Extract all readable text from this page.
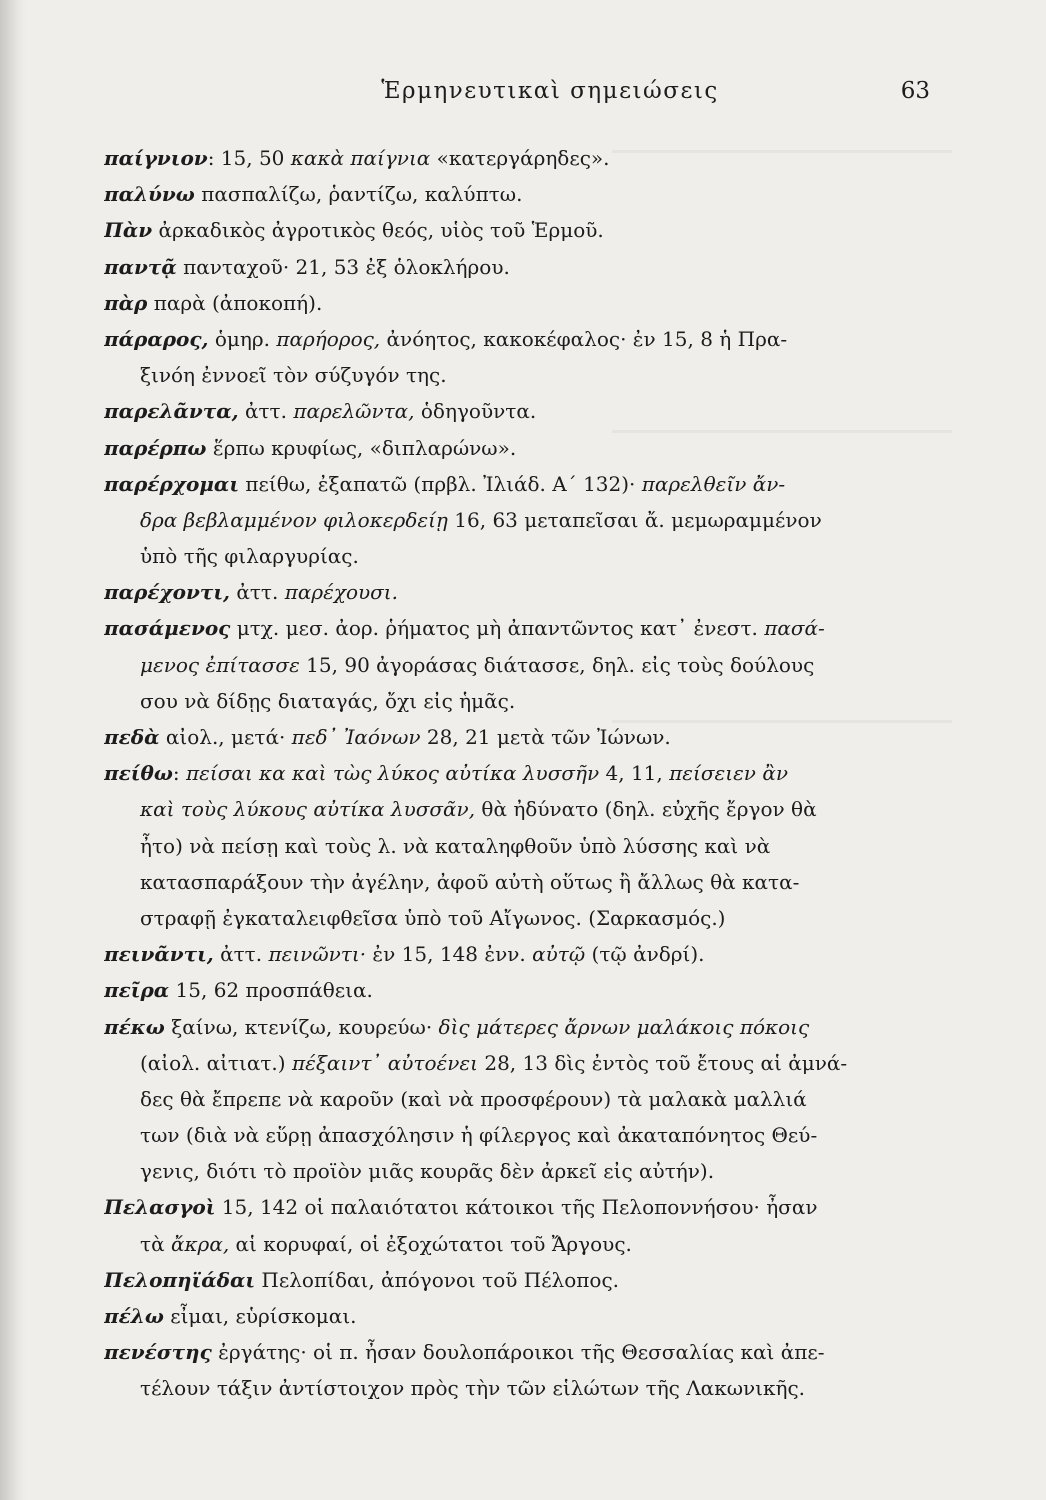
Ἑρμηνευτικαὶ σημειώσεις	63
παίγνιον: 15, 50 κακὰ παίγνια «κατεργάρηδες».
παλύνω πασπαλίζω, ῥαντίζω, καλύπτω.
Πὰν ἀρκαδικὸς ἀγροτικὸς θεός, υἱὸς τοῦ Ἑρμοῦ.
παντᾷ πανταχοῦ· 21, 53 ἐξ ὁλοκλήρου.
πὰρ παρὰ (ἀποκοπή).
πάραρος, ὁμηρ. παρήορος, ἀνόητος, κακοκέφαλος· ἐν 15, 8 ἡ Πρα-
ξινόη ἐννοεῖ τὸν σύζυγόν της.
παρελᾶντα, ἀττ. παρελῶντα, ὁδηγοῦντα.
παρέρπω ἕρπω κρυφίως, «διπλαρώνω».
παρέρχομαι πείθω, ἐξαπατῶ (πρβλ. Ἰλιάδ. Α΄ 132)· παρελθεῖν ἄν-
δρα βεβλαμμένον φιλοκερδείῃ 16, 63 μεταπεῖσαι ἄ. μεμωραμμένον
ὑπὸ τῆς φιλαργυρίας.
παρέχοντι, ἀττ. παρέχουσι.
πασάμενος μτχ. μεσ. ἀορ. ῥήματος μὴ ἀπαντῶντος κατ᾽ ἐνεστ. πασά-
μενος ἐπίτασσε 15, 90 ἀγοράσας διάτασσε, δηλ. εἰς τοὺς δούλους
σου νὰ δίδῃς διαταγάς, ὄχι εἰς ἡμᾶς.
πεδὰ αἰολ., μετά· πεδ᾽ Ἰαόνων 28, 21 μετὰ τῶν Ἰώνων.
πείθω: πείσαι κα καὶ τὼς λύκος αὐτίκα λυσσῆν 4, 11, πείσειεν ἂν
καὶ τοὺς λύκους αὐτίκα λυσσᾶν, θὰ ἠδύνατο (δηλ. εὐχῆς ἔργον θὰ
ἦτο) νὰ πείσῃ καὶ τοὺς λ. νὰ καταληφθοῦν ὑπὸ λύσσης καὶ νὰ
κατασπαράξουν τὴν ἀγέλην, ἀφοῦ αὐτὴ οὕτως ἢ ἄλλως θὰ κατα-
στραφῇ ἐγκαταλειφθεῖσα ὑπὸ τοῦ Αἴγωνος. (Σαρκασμός.)
πεινᾶντι, ἀττ. πεινῶντι· ἐν 15, 148 ἐνν. αὐτῷ (τῷ ἀνδρί).
πεῖρα 15, 62 προσπάθεια.
πέκω ξαίνω, κτενίζω, κουρεύω· δὶς μάτερες ἄρνων μαλάκοις πόκοις
(αἰολ. αἰτιατ.) πέξαιντ᾽ αὐτοένει 28, 13 δὶς ἐντὸς τοῦ ἔτους αἱ ἀμνά-
δες θὰ ἔπρεπε νὰ καροῦν (καὶ νὰ προσφέρουν) τὰ μαλακὰ μαλλιά
των (διὰ νὰ εὕρῃ ἀπασχόλησιν ἡ φίλεργος καὶ ἀκαταπόνητος Θεύ-
γενις, διότι τὸ προϊὸν μιᾶς κουρᾶς δὲν ἀρκεῖ εἰς αὐτήν).
Πελασγοὶ 15, 142 οἱ παλαιότατοι κάτοικοι τῆς Πελοποννήσου· ἦσαν
τὰ ἄκρα, αἱ κορυφαί, οἱ ἐξοχώτατοι τοῦ Ἄργους.
Πελοπηϊάδαι Πελοπίδαι, ἀπόγονοι τοῦ Πέλοπος.
πέλω εἶμαι, εὑρίσκομαι.
πενέστης ἐργάτης· οἱ π. ἦσαν δουλοπάροικοι τῆς Θεσσαλίας καὶ ἀπε-
τέλουν τάξιν ἀντίστοιχον πρὸς τὴν τῶν εἱλώτων τῆς Λακωνικῆς.
